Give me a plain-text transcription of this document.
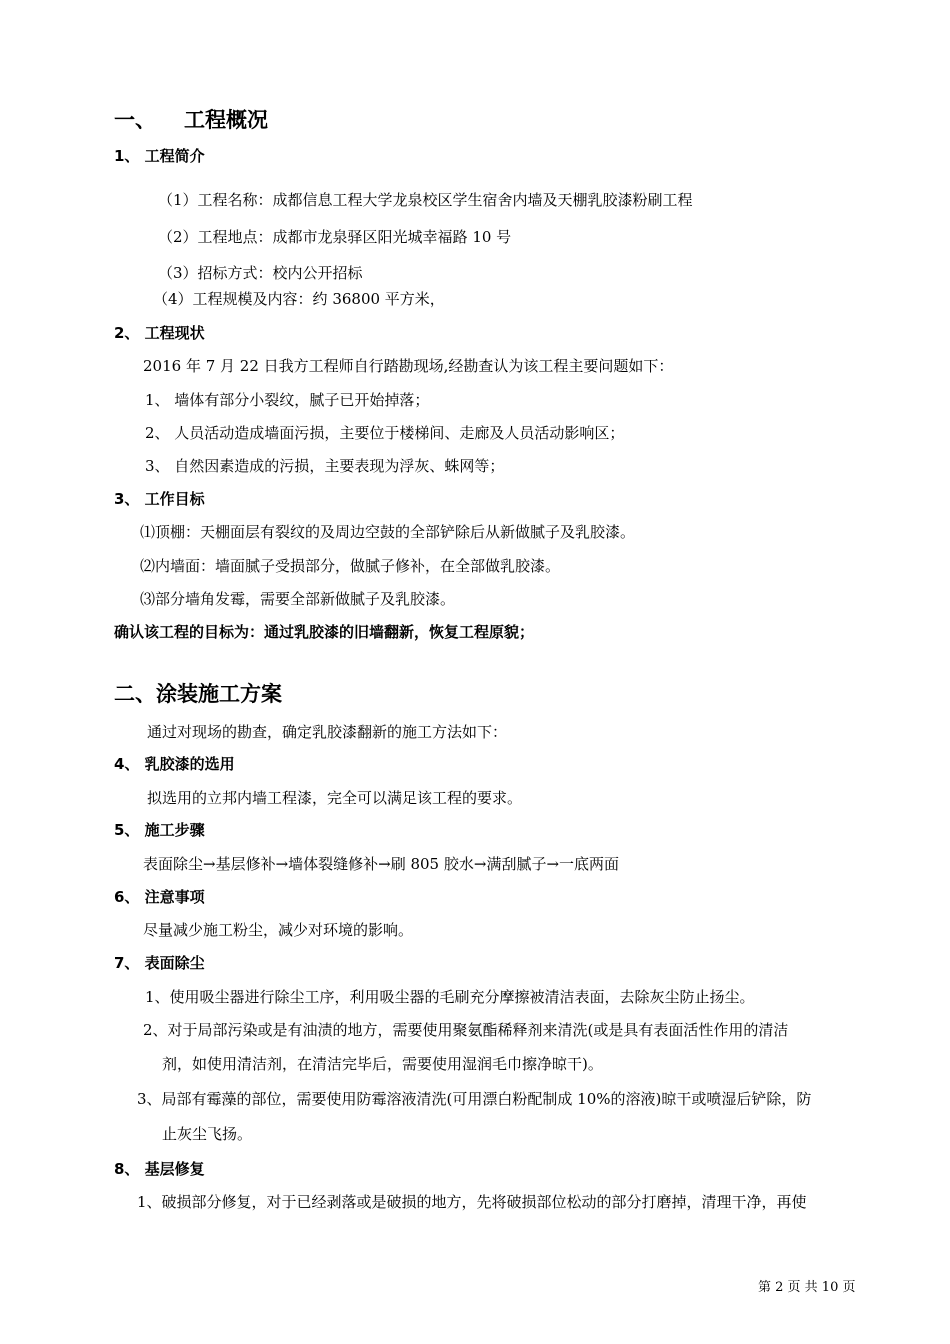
一、 工程概况
1、 工程简介
（1）工程名称：成都信息工程大学龙泉校区学生宿舍内墙及天棚乳胶漆粉刷工程
（2）工程地点：成都市龙泉驿区阳光城幸福路 10 号
（3）招标方式：校内公开招标
（4）工程规模及内容：约 36800 平方米，
2、 工程现状
2016 年 7 月 22 日我方工程师自行踏勘现场,经勘查认为该工程主要问题如下：
1、 墙体有部分小裂纹，腻子已开始掉落；
2、 人员活动造成墙面污损，主要位于楼梯间、走廊及人员活动影响区；
3、 自然因素造成的污损，主要表现为浮灰、蛛网等；
3、 工作目标
⑴顶棚：天棚面层有裂纹的及周边空鼓的全部铲除后从新做腻子及乳胶漆。
⑵内墙面：墙面腻子受损部分，做腻子修补，在全部做乳胶漆。
⑶部分墙角发霉，需要全部新做腻子及乳胶漆。
确认该工程的目标为：通过乳胶漆的旧墙翻新，恢复工程原貌；
二、涂装施工方案
通过对现场的勘查，确定乳胶漆翻新的施工方法如下：
4、 乳胶漆的选用
拟选用的立邦内墙工程漆，完全可以满足该工程的要求。
5、 施工步骤
表面除尘→基层修补→墙体裂缝修补→刷 805 胶水→满刮腻子→一底两面
6、 注意事项
尽量减少施工粉尘，减少对环境的影响。
7、 表面除尘
1、使用吸尘器进行除尘工序，利用吸尘器的毛刷充分摩擦被清洁表面，去除灰尘防止扬尘。
2、对于局部污染或是有油渍的地方，需要使用聚氨酯稀释剂来清洗(或是具有表面活性作用的清洁
剂，如使用清洁剂，在清洁完毕后，需要使用湿润毛巾擦净晾干)。
3、局部有霉藻的部位，需要使用防霉溶液清洗(可用漂白粉配制成 10%的溶液)晾干或喷湿后铲除，防
止灰尘飞扬。
8、 基层修复
1、破损部分修复，对于已经剥落或是破损的地方，先将破损部位松动的部分打磨掉，清理干净，再使
第 2 页 共 10 页
